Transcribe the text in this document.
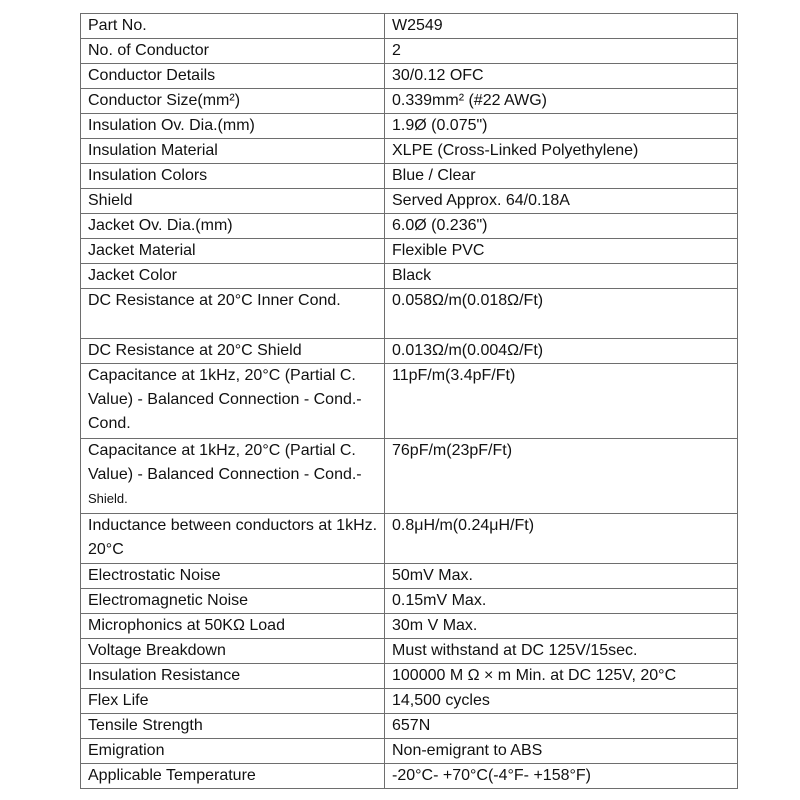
Part No.	W2549
No. of Conductor	2
Conductor Details	30/0.12 OFC
Conductor Size(mm²)	0.339mm² (#22 AWG)
Insulation Ov. Dia.(mm)	1.9Ø (0.075")
Insulation Material	XLPE (Cross-Linked Polyethylene)
Insulation Colors	Blue / Clear
Shield	Served Approx. 64/0.18A
Jacket Ov. Dia.(mm)	6.0Ø (0.236")
Jacket Material	Flexible PVC
Jacket Color	Black
DC Resistance at 20°C Inner Cond.	0.058Ω/m(0.018Ω/Ft)
DC Resistance at 20°C Shield	0.013Ω/m(0.004Ω/Ft)
Capacitance at 1kHz, 20°C (Partial C. Value) - Balanced Connection - Cond.-Cond.	11pF/m(3.4pF/Ft)
Capacitance at 1kHz, 20°C (Partial C. Value) - Balanced Connection - Cond.- Shield.	76pF/m(23pF/Ft)
Inductance between conductors at 1kHz. 20°C	0.8μH/m(0.24μH/Ft)
Electrostatic Noise	50mV Max.
Electromagnetic Noise	0.15mV Max.
Microphonics at 50KΩ Load	30m V Max.
Voltage Breakdown	Must withstand at DC 125V/15sec.
Insulation Resistance	100000 M Ω × m Min. at DC 125V, 20°C
Flex Life	14,500 cycles
Tensile Strength	657N
Emigration	Non-emigrant to ABS
Applicable Temperature	-20°C- +70°C(-4°F- +158°F)
